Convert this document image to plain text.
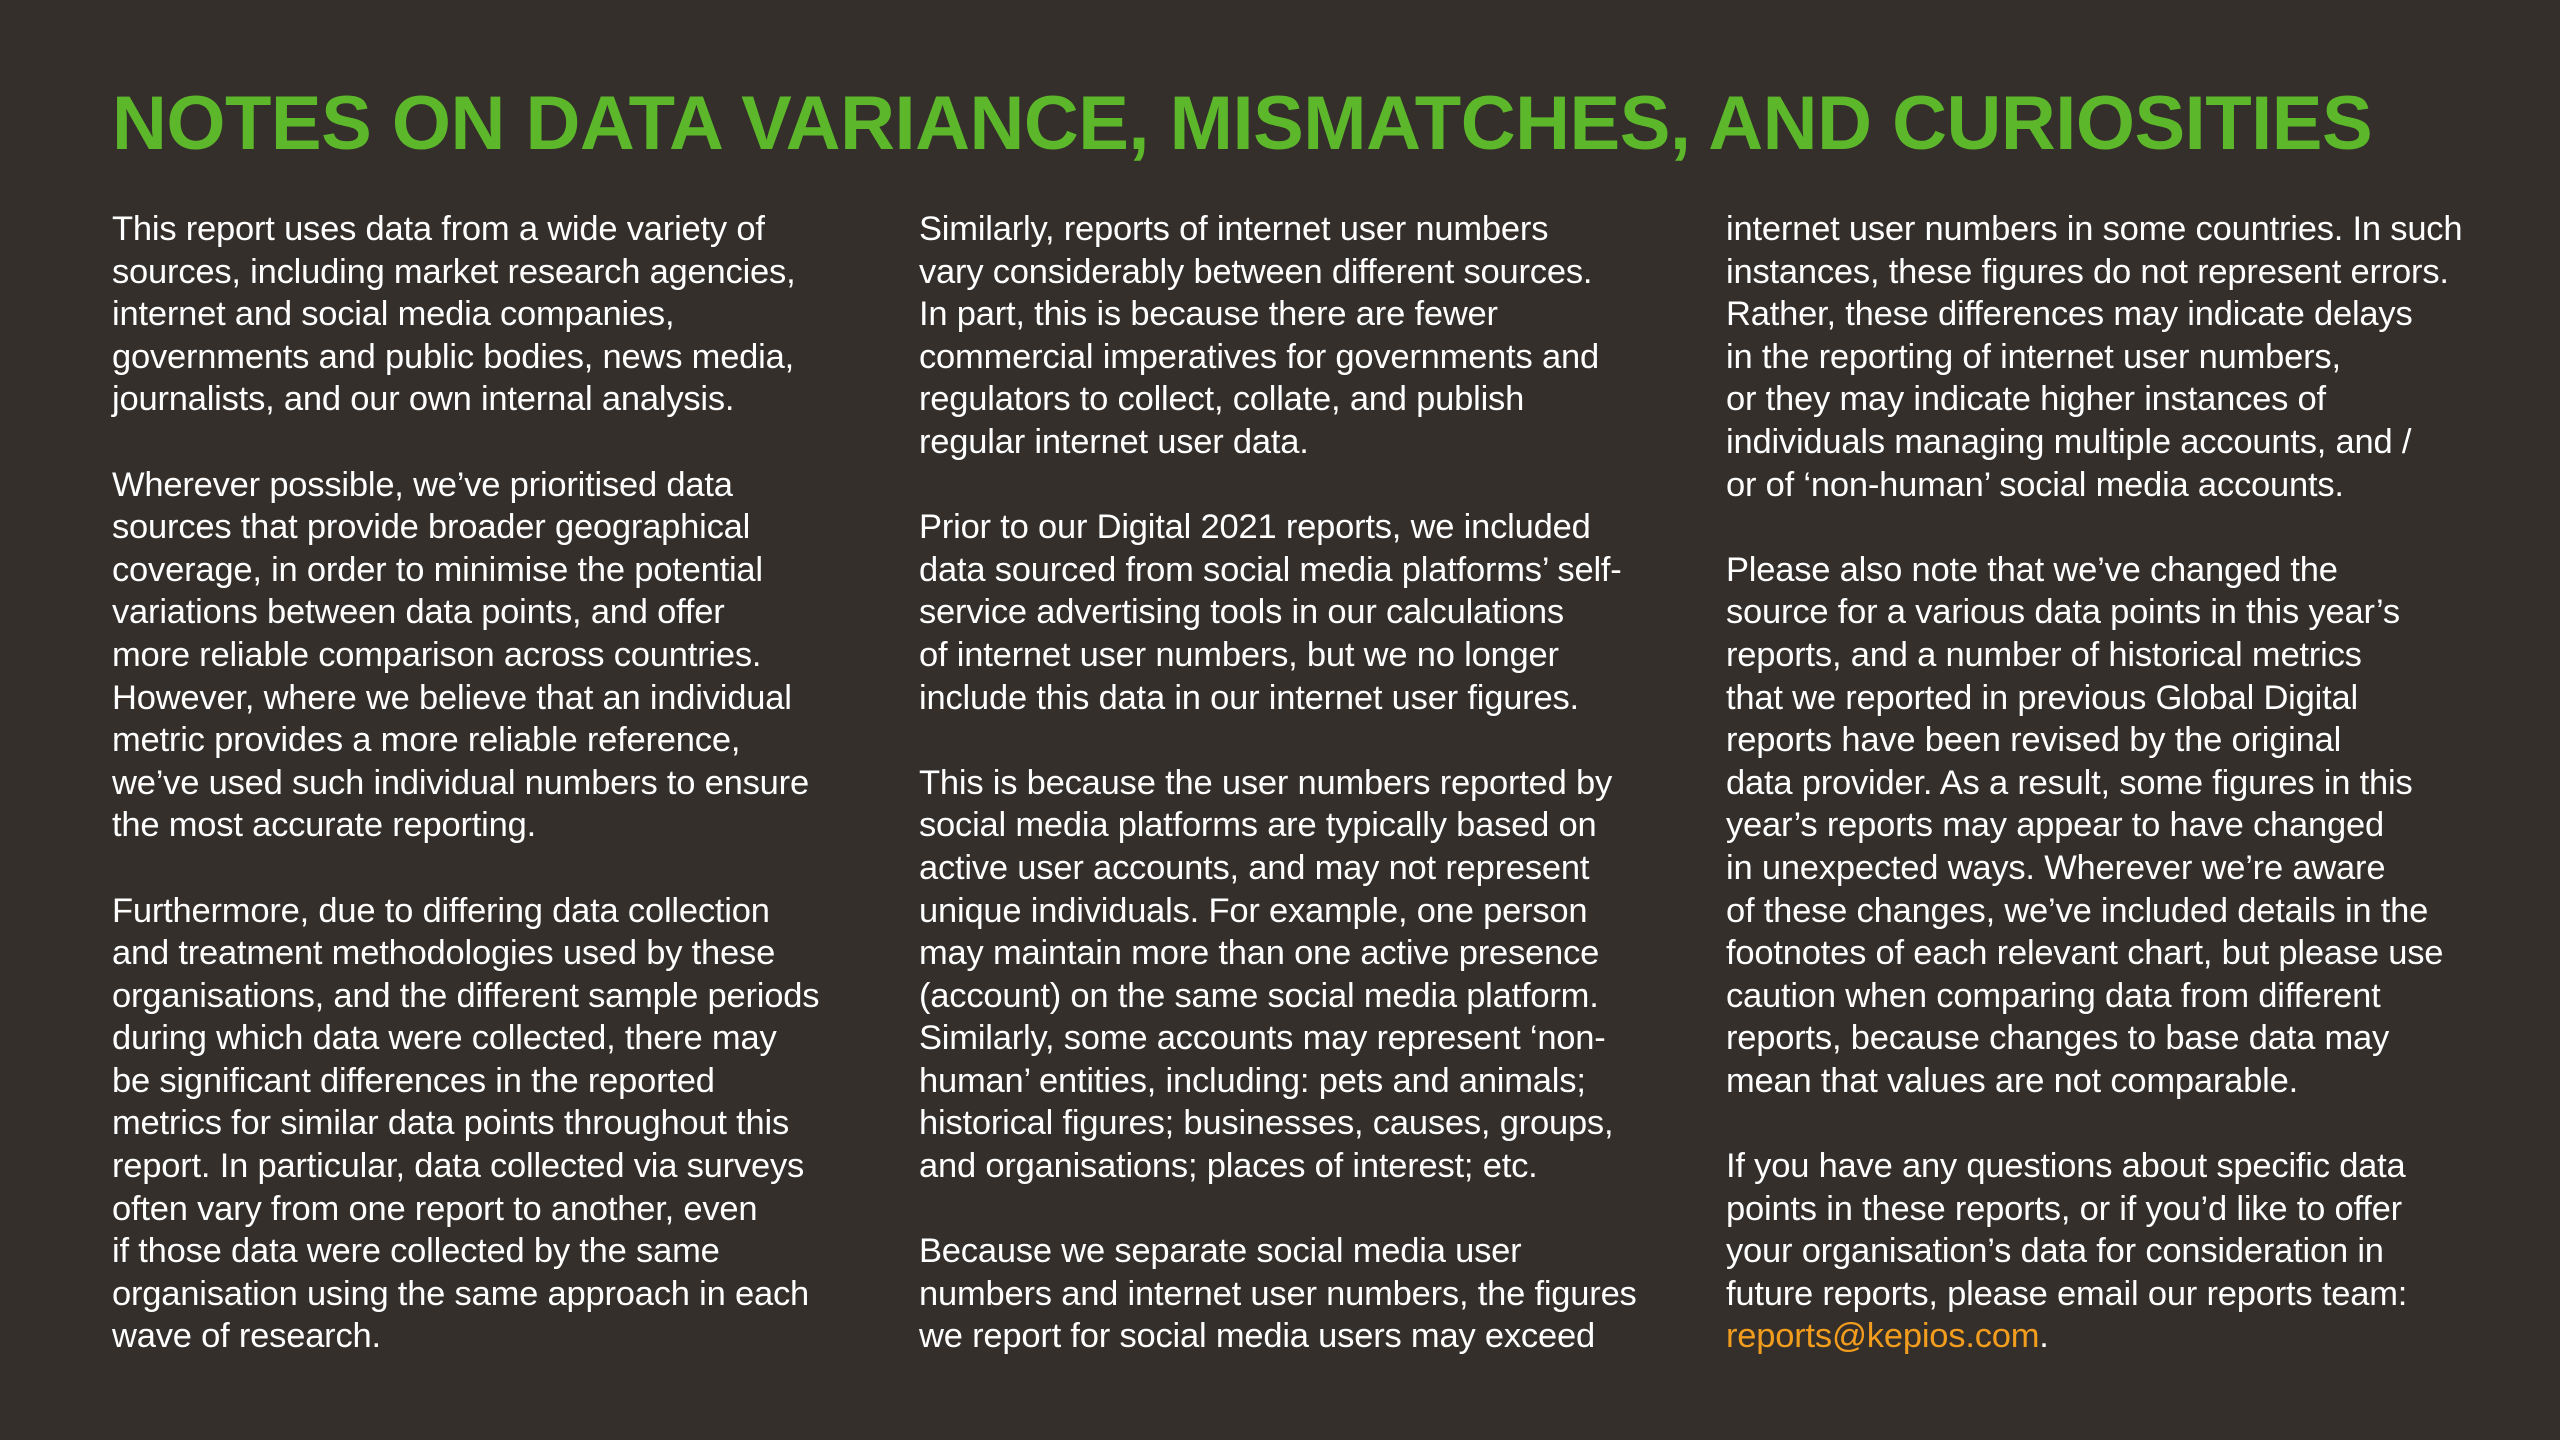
NOTES ON DATA VARIANCE, MISMATCHES, AND CURIOSITIES

This report uses data from a wide variety of
sources, including market research agencies,
internet and social media companies,
governments and public bodies, news media,
journalists, and our own internal analysis.

Wherever possible, we’ve prioritised data
sources that provide broader geographical
coverage, in order to minimise the potential
variations between data points, and offer
more reliable comparison across countries.
However, where we believe that an individual
metric provides a more reliable reference,
we’ve used such individual numbers to ensure
the most accurate reporting.

Furthermore, due to differing data collection
and treatment methodologies used by these
organisations, and the different sample periods
during which data were collected, there may
be significant differences in the reported
metrics for similar data points throughout this
report. In particular, data collected via surveys
often vary from one report to another, even
if those data were collected by the same
organisation using the same approach in each
wave of research.

Similarly, reports of internet user numbers
vary considerably between different sources.
In part, this is because there are fewer
commercial imperatives for governments and
regulators to collect, collate, and publish
regular internet user data.

Prior to our Digital 2021 reports, we included
data sourced from social media platforms’ self-
service advertising tools in our calculations
of internet user numbers, but we no longer
include this data in our internet user figures.

This is because the user numbers reported by
social media platforms are typically based on
active user accounts, and may not represent
unique individuals. For example, one person
may maintain more than one active presence
(account) on the same social media platform.
Similarly, some accounts may represent ‘non-
human’ entities, including: pets and animals;
historical figures; businesses, causes, groups,
and organisations; places of interest; etc.

Because we separate social media user
numbers and internet user numbers, the figures
we report for social media users may exceed

internet user numbers in some countries. In such
instances, these figures do not represent errors.
Rather, these differences may indicate delays
in the reporting of internet user numbers,
or they may indicate higher instances of
individuals managing multiple accounts, and /
or of ‘non-human’ social media accounts.

Please also note that we’ve changed the
source for a various data points in this year’s
reports, and a number of historical metrics
that we reported in previous Global Digital
reports have been revised by the original
data provider. As a result, some figures in this
year’s reports may appear to have changed
in unexpected ways. Wherever we’re aware
of these changes, we’ve included details in the
footnotes of each relevant chart, but please use
caution when comparing data from different
reports, because changes to base data may
mean that values are not comparable.

If you have any questions about specific data
points in these reports, or if you’d like to offer
your organisation’s data for consideration in
future reports, please email our reports team:
reports@kepios.com.
